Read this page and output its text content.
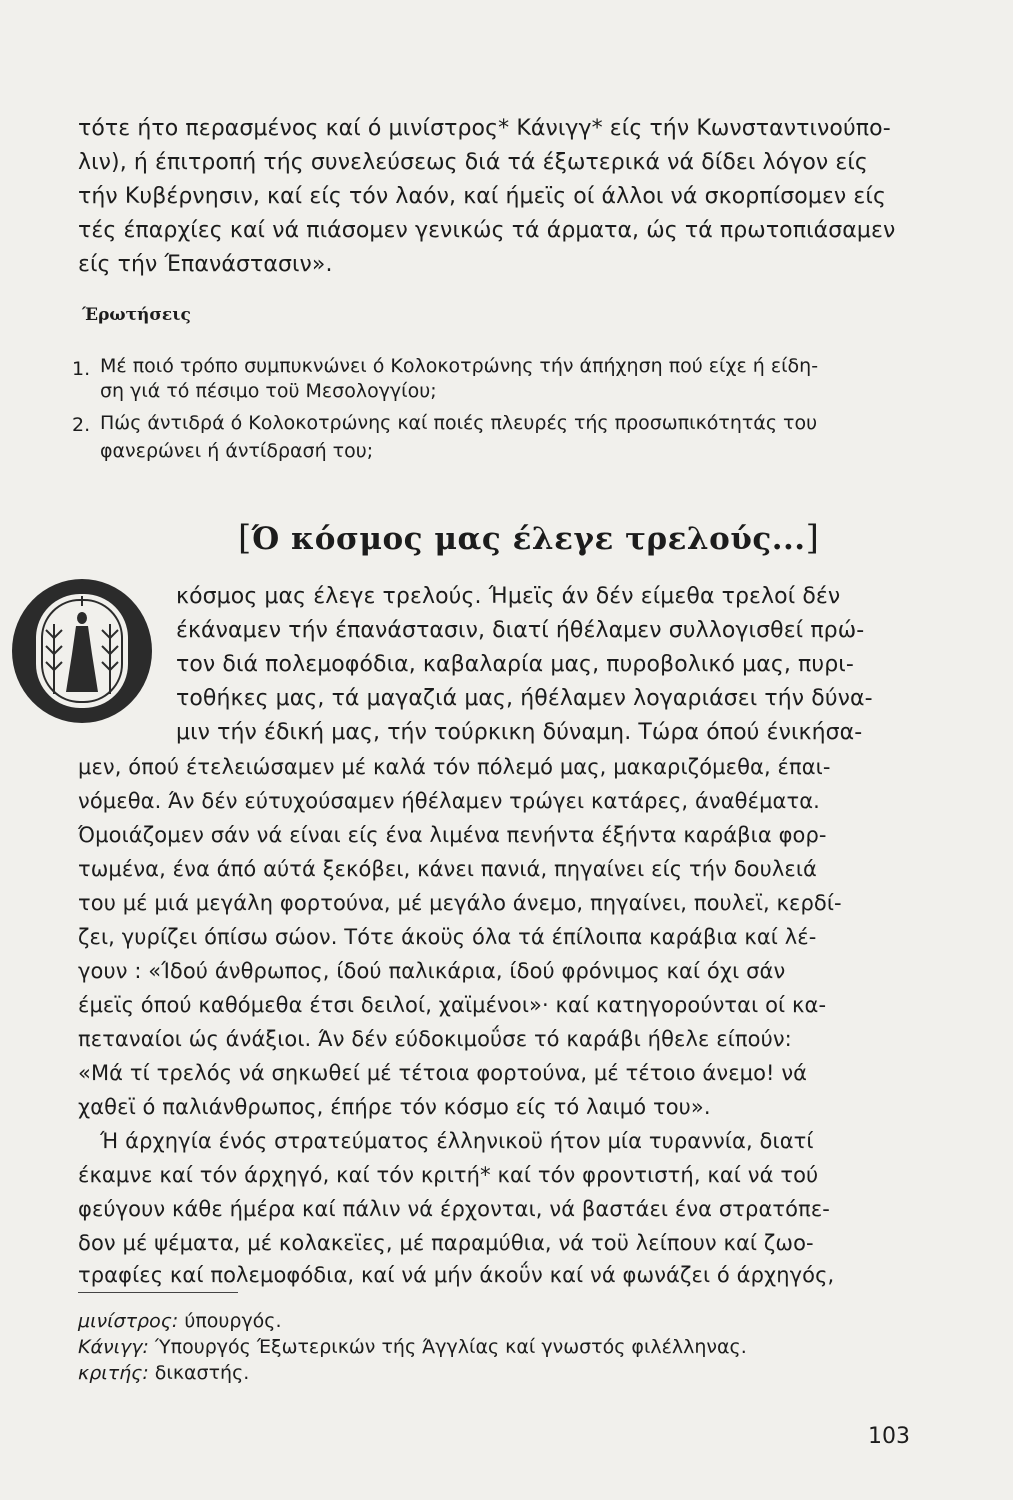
τότε ήτο περασμένος καί ό μινίστρος* Κάνιγγ* είς τήν Κωνσταντινούπο-
λιν), ή έπιτροπή τής συνελεύσεως διά τά έξωτερικά νά δίδει λόγον είς
τήν Κυβέρνησιν, καί είς τόν λαόν, καί ήμεϊς οί άλλοι νά σκορπίσομεν είς
τές έπαρχίες καί νά πιάσομεν γενικώς τά άρματα, ώς τά πρωτοπιάσαμεν
είς τήν Έπανάστασιν».
Έρωτήσεις
1. Μέ ποιό τρόπο συμπυκνώνει ό Κολοκοτρώνης τήν άπήχηση πού είχε ή είδη-
ση γιά τό πέσιμο τοϋ Μεσολογγίου;
2. Πώς άντιδρά ό Κολοκοτρώνης καί ποιές πλευρές τής προσωπικότητάς του
φανερώνει ή άντίδρασή του;
[Ό κόσμος μας έλεγε τρελούς...]
κόσμος μας έλεγε τρελούς. Ήμεϊς άν δέν είμεθα τρελοί δέν
έκάναμεν τήν έπανάστασιν, διατί ήθέλαμεν συλλογισθεί πρώ-
τον διά πολεμοφόδια, καβαλαρία μας, πυροβολικό μας, πυρι-
τοθήκες μας, τά μαγαζιά μας, ήθέλαμεν λογαριάσει τήν δύνα-
μιν τήν έδική μας, τήν τούρκικη δύναμη. Τώρα όπού ένικήσα-
μεν, όπού έτελειώσαμεν μέ καλά τόν πόλεμό μας, μακαριζόμεθα, έπαι-
νόμεθα. Άν δέν εύτυχούσαμεν ήθέλαμεν τρώγει κατάρες, άναθέματα.
Όμοιάζομεν σάν νά είναι είς ένα λιμένα πενήντα έξήντα καράβια φορ-
τωμένα, ένα άπό αύτά ξεκόβει, κάνει πανιά, πηγαίνει είς τήν δουλειά
του μέ μιά μεγάλη φορτούνα, μέ μεγάλο άνεμο, πηγαίνει, πουλεϊ, κερδί-
ζει, γυρίζει όπίσω σώον. Τότε άκοϋς όλα τά έπίλοιπα καράβια καί λέ-
γουν : «Ίδού άνθρωπος, ίδού παλικάρια, ίδού φρόνιμος καί όχι σάν
έμεϊς όπού καθόμεθα έτσι δειλοί, χαϊμένοι»· καί κατηγορούνται οί κα-
πεταναίοι ώς άνάξιοι. Άν δέν εύδοκιμοΰσε τό καράβι ήθελε είπούν:
«Μά τί τρελός νά σηκωθεί μέ τέτοια φορτούνα, μέ τέτοιο άνεμο! νά
χαθεϊ ό παλιάνθρωπος, έπήρε τόν κόσμο είς τό λαιμό του».
Ή άρχηγία ένός στρατεύματος έλληνικοϋ ήτον μία τυραννία, διατί
έκαμνε καί τόν άρχηγό, καί τόν κριτή* καί τόν φροντιστή, καί νά τού
φεύγουν κάθε ήμέρα καί πάλιν νά έρχονται, νά βαστάει ένα στρατόπε-
δον μέ ψέματα, μέ κολακεϊες, μέ παραμύθια, νά τοϋ λείπουν καί ζωο-
τραφίες καί πολεμοφόδια, καί νά μήν άκοΰν καί νά φωνάζει ό άρχηγός,
μινίστρος: ύπουργός.
Κάνιγγ: Ύπουργός Έξωτερικών τής Άγγλίας καί γνωστός φιλέλληνας.
κριτής: δικαστής.
103
